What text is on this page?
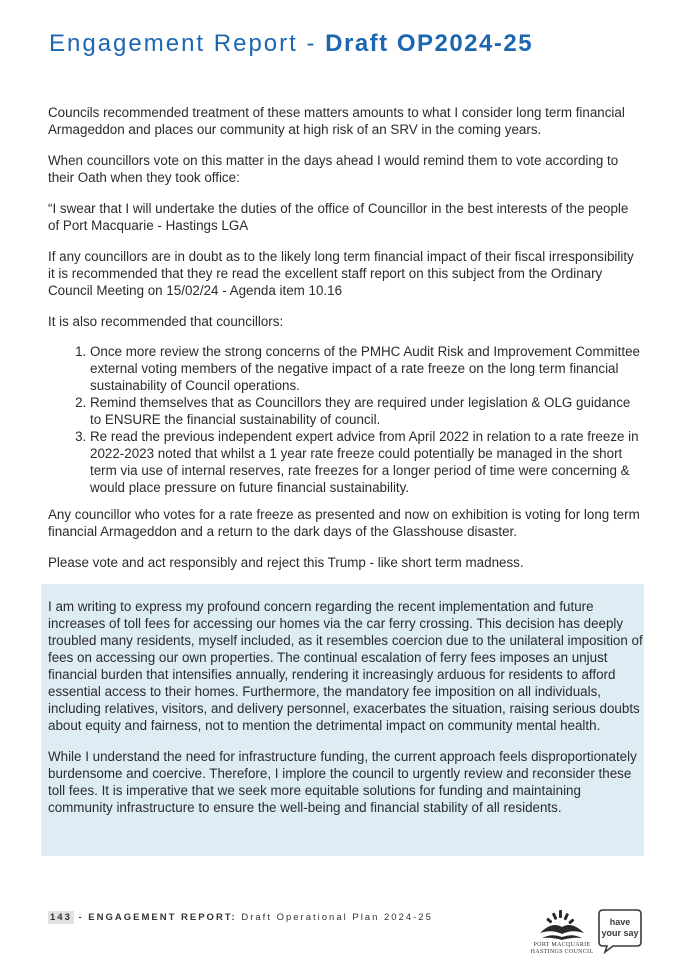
Engagement Report - Draft OP2024-25

Councils recommended treatment of these matters amounts to what I consider long term financial Armageddon and places our community at high risk of an SRV in the coming years.

When councillors vote on this matter in the days ahead I would remind them to vote according to their Oath when they took office:

“I swear that I will undertake the duties of the office of Councillor in the best interests of the people of Port Macquarie - Hastings LGA

If any councillors are in doubt as to the likely long term financial impact of their fiscal irresponsibility it is recommended that they re read the excellent staff report on this subject from the Ordinary Council Meeting on 15/02/24 - Agenda item 10.16

It is also recommended that councillors:

1. Once more review the strong concerns of the PMHC Audit Risk and Improvement Committee external voting members of the negative impact of a rate freeze on the long term financial sustainability of Council operations.
2. Remind themselves that as Councillors they are required under legislation & OLG guidance to ENSURE the financial sustainability of council.
3. Re read the previous independent expert advice from April 2022 in relation to a rate freeze in 2022-2023 noted that whilst a 1 year rate freeze could potentially be managed in the short term via use of internal reserves, rate freezes for a longer period of time were concerning & would place pressure on future financial sustainability.

Any councillor who votes for a rate freeze as presented and now on exhibition is voting for long term financial Armageddon and a return to the dark days of the Glasshouse disaster.

Please vote and act responsibly and reject this Trump - like short term madness.

I am writing to express my profound concern regarding the recent implementation and future increases of toll fees for accessing our homes via the car ferry crossing. This decision has deeply troubled many residents, myself included, as it resembles coercion due to the unilateral imposition of fees on accessing our own properties. The continual escalation of ferry fees imposes an unjust financial burden that intensifies annually, rendering it increasingly arduous for residents to afford essential access to their homes. Furthermore, the mandatory fee imposition on all individuals, including relatives, visitors, and delivery personnel, exacerbates the situation, raising serious doubts about equity and fairness, not to mention the detrimental impact on community mental health.

While I understand the need for infrastructure funding, the current approach feels disproportionately burdensome and coercive. Therefore, I implore the council to urgently review and reconsider these toll fees. It is imperative that we seek more equitable solutions for funding and maintaining community infrastructure to ensure the well-being and financial stability of all residents.

143 - ENGAGEMENT REPORT: Draft Operational Plan 2024-25
PORT MACQUARIE
HASTINGS COUNCIL
have
your say
